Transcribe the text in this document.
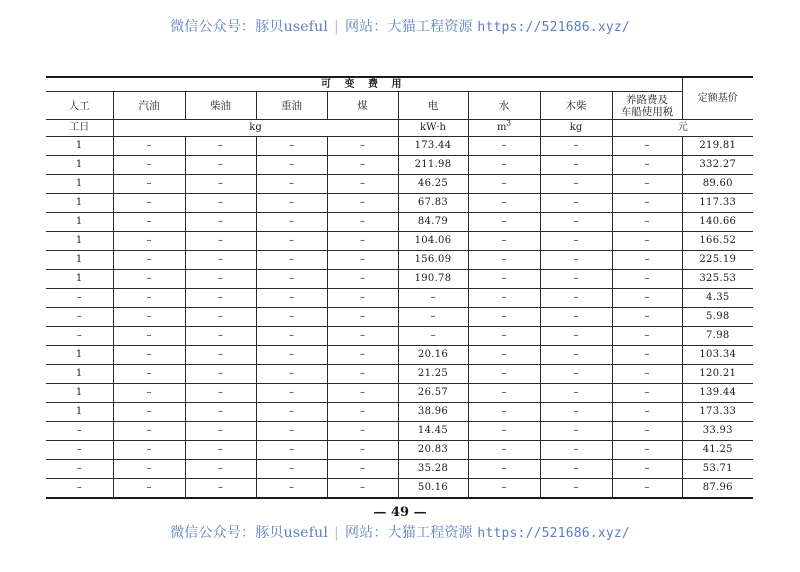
微信公众号：豚贝useful | 网站：大猫工程资源 https://521686.xyz/
可 变 费 用									定额基价
人工	汽油	柴油	重油	煤	电	水	木柴	养路费及
车船使用税	

工日	kg				kW·h	$m^3$	kg	元	
1	–	–	–	–	173.44	–	–	–	219.81
1	–	–	–	–	211.98	–	–	–	332.27
1	–	–	–	–	46.25	–	–	–	89.60
1	–	–	–	–	67.83	–	–	–	117.33
1	–	–	–	–	84.79	–	–	–	140.66
1	–	–	–	–	104.06	–	–	–	166.52
1	–	–	–	–	156.09	–	–	–	225.19
1	–	–	–	–	190.78	–	–	–	325.53
–	–	–	–	–	–	–	–	–	4.35
–	–	–	–	–	–	–	–	–	5.98
–	–	–	–	–	–	–	–	–	7.98
1	–	–	–	–	20.16	–	–	–	103.34
1	–	–	–	–	21.25	–	–	–	120.21
1	–	–	–	–	26.57	–	–	–	139.44
1	–	–	–	–	38.96	–	–	–	173.33
–	–	–	–	–	14.45	–	–	–	33.93
–	–	–	–	–	20.83	–	–	–	41.25
–	–	–	–	–	35.28	–	–	–	53.71
–	–	–	–	–	50.16	–	–	–	87.96
— 49 —
微信公众号：豚贝useful | 网站：大猫工程资源 https://521686.xyz/
